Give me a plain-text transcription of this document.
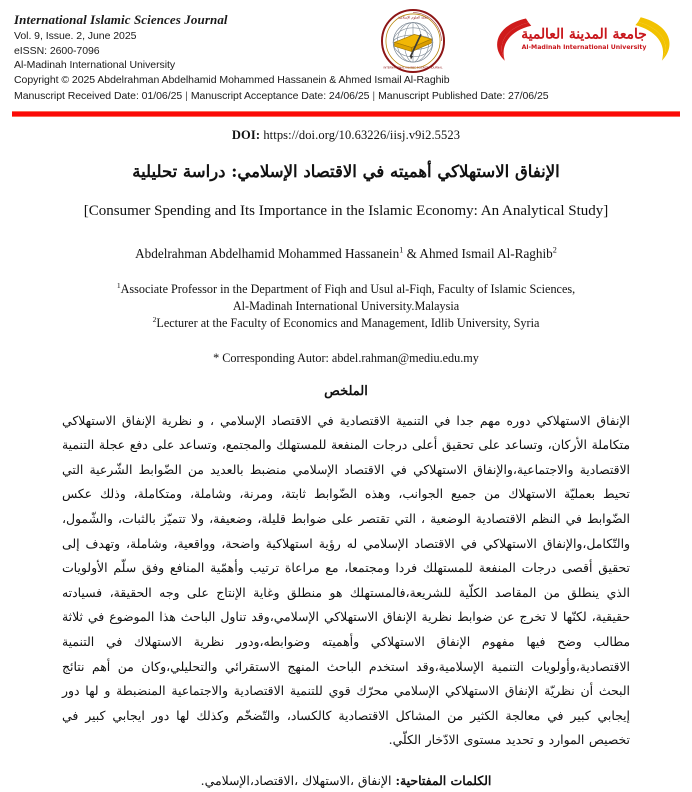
مجلة العلوم الإسلامية
INTERNATIONAL ISLAMIC SCIENCES JOURNAL
جامعة المدينة العالمية
Al-Madinah International University
International Islamic Sciences Journal
Vol. 9, Issue. 2, June 2025
eISSN: 2600-7096
Al-Madinah International University
Copyright © 2025 Abdelrahman Abdelhamid Mohammed Hassanein & Ahmed Ismail Al-Raghib
Manuscript Received Date: 01/06/25 | Manuscript Acceptance Date: 24/06/25 | Manuscript Published Date: 27/06/25
DOI: https://doi.org/10.63226/iisj.v9i2.5523
الإنفاق الاستهلاكي أهميته في الاقتصاد الإسلامي: دراسة تحليلية
[Consumer Spending and Its Importance in the Islamic Economy: An Analytical Study]
Abdelrahman Abdelhamid Mohammed Hassanein$^1$ & Ahmed Ismail Al-Raghib$^2$

$^1$Associate Professor in the Department of Fiqh and Usul al-Fiqh, Faculty of Islamic Sciences,

Al-Madinah International University.Malaysia

$^2$Lecturer at the Faculty of Economics and Management, Idlib University, Syria

* Corresponding Autor: abdel.rahman@mediu.edu.my
الملخص
الإنفاق الاستهلاكي دوره مهم جدا في التنمية الاقتصادية في الاقتصاد الإسلامي ، و نظرية الإنفاق الاستهلاكي متكاملة الأركان، وتساعد على تحقيق أعلى درجات المنفعة للمستهلك والمجتمع، وتساعد على دفع عجلة التنمية الاقتصادية والاجتماعية،والإنفاق الاستهلاكي في الاقتصاد الإسلامي منضبط بالعديد من الضّوابط الشّرعية التي تحيط بعمليّة الاستهلاك من جميع الجوانب، وهذه الضّوابط ثابتة، ومرنة، وشاملة، ومتكاملة، وذلك عكس الضّوابط في النظم الاقتصادية الوضعية ، التي تقتصر على ضوابط قليلة، وضعيفة، ولا تتميّز بالثبات، والشّمول، والتّكامل،والإنفاق الاستهلاكي في الاقتصاد الإسلامي له رؤية استهلاكية واضحة، وواقعية، وشاملة، وتهدف إلى تحقيق أقصى درجات المنفعة للمستهلك فردا ومجتمعا، مع مراعاة ترتيب وأهمّية المنافع وفق سلّم الأولويات الذي ينطلق من المقاصد الكلّية للشريعة،فالمستهلك هو منطلق وغاية الإنتاج على وجه الحقيقة، فسيادته حقيقية، لكنّها لا تخرج عن ضوابط نظرية الإنفاق الاستهلاكي الإسلامي،وقد تناول الباحث هذا الموضوع في ثلاثة مطالب وضح فيها مفهوم الإنفاق الاستهلاكي وأهميته وضوابطه،ودور نظرية الاستهلاك في التنمية الاقتصادية،وأولويات التنمية الإسلامية،وقد استخدم الباحث المنهج الاستقرائي والتحليلي،وكان من أهم نتائج البحث أن نظريّة الإنفاق الاستهلاكي الإسلامي محرّك قوي للتنمية الاقتصادية والاجتماعية المنضبطة و لها دور إيجابي كبير في معالجة الكثير من المشاكل الاقتصادية كالكساد، والتّضخّم وكذلك لها دور ايجابي كبير في تخصيص الموارد و تحديد مستوى الادّخار الكلّي.
الكلمات المفتاحية: الإنفاق ،الاستهلاك ،الاقتصاد،الإسلامي.
